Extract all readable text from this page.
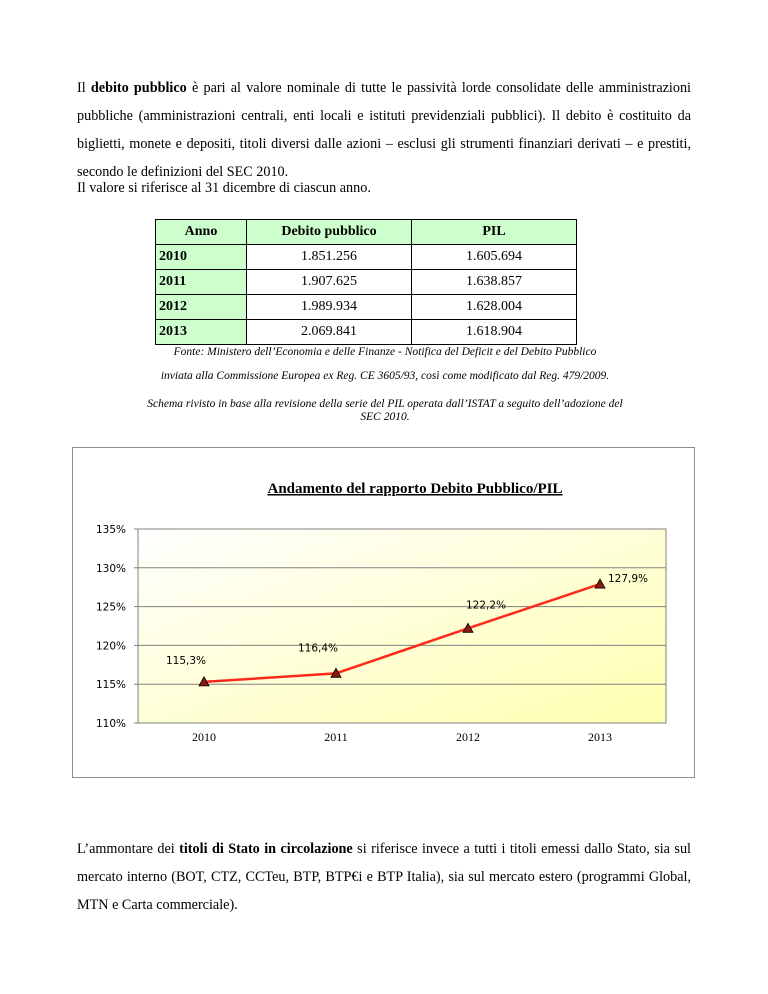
Il debito pubblico è pari al valore nominale di tutte le passività lorde consolidate delle amministrazioni pubbliche (amministrazioni centrali, enti locali e istituti previdenziali pubblici). Il debito è costituito da biglietti, monete e depositi, titoli diversi dalle azioni – esclusi gli strumenti finanziari derivati – e prestiti, secondo le definizioni del SEC 2010.
Il valore si riferisce al 31 dicembre di ciascun anno.
Anno	Debito pubblico	PIL
2010	1.851.256	1.605.694
2011	1.907.625	1.638.857
2012	1.989.934	1.628.004
2013	2.069.841	1.618.904
Fonte: Ministero dell’Economia e delle Finanze - Notifica del Deficit e del Debito Pubblico
inviata alla Commissione Europea ex Reg. CE 3605/93, così come modificato dal Reg. 479/2009.
Schema rivisto in base alla revisione della serie del PIL operata dall’ISTAT a seguito dell’adozione del
SEC 2010.
Andamento del rapporto Debito Pubblico/PIL
110%
115%
120%
125%
130%
135%
2010	2011	2012	2013
115,3%
116,4%
122,2%
127,9%
L’ammontare dei titoli di Stato in circolazione si riferisce invece a tutti i titoli emessi dallo Stato, sia sul mercato interno (BOT, CTZ, CCTeu, BTP, BTP€i e BTP Italia), sia sul mercato estero (programmi Global, MTN e Carta commerciale).
